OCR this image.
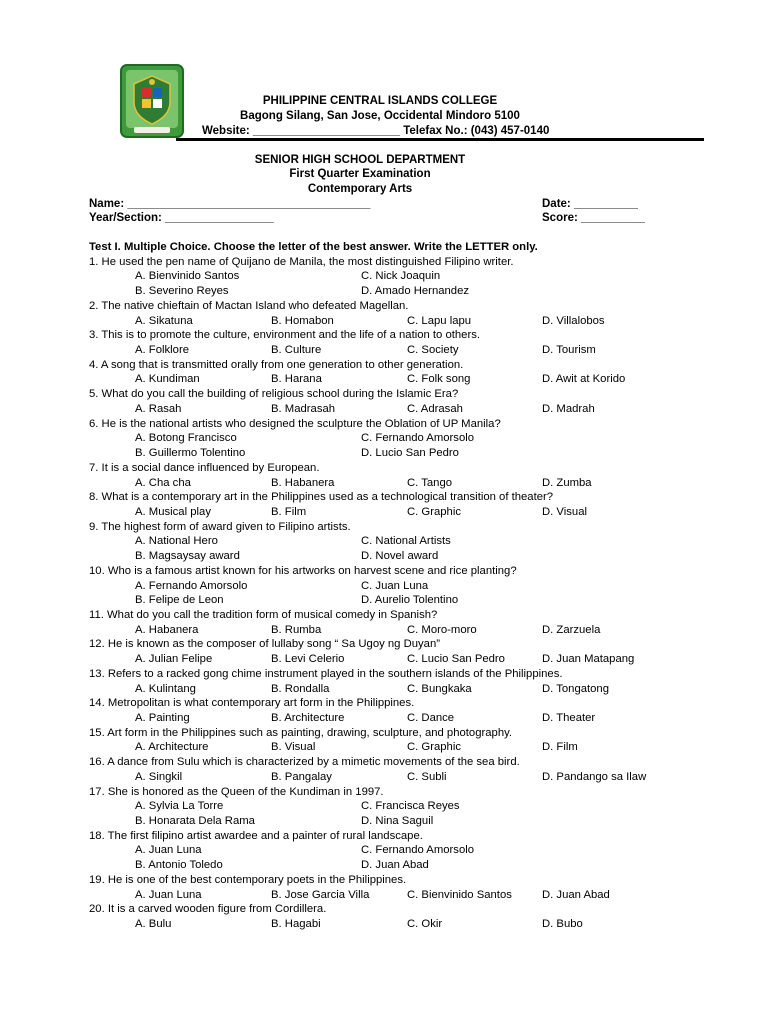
PHILIPPINE CENTRAL ISLANDS COLLEGE
Bagong Silang, San Jose, Occidental Mindoro 5100
Website: _______________________ Telefax No.: (043) 457-0140
SENIOR HIGH SCHOOL DEPARTMENT
First Quarter Examination
Contemporary Arts
Name: ______________________________________	Date: __________
Year/Section: _________________	Score: __________
Test I. Multiple Choice. Choose the letter of the best answer. Write the LETTER only.
1. He used the pen name of Quijano de Manila, the most distinguished Filipino writer.
A. Bienvinido Santos	C. Nick Joaquin
B. Severino Reyes	D. Amado Hernandez
2. The native chieftain of Mactan Island who defeated Magellan.
A. Sikatuna	B. Homabon	C. Lapu lapu	D. Villalobos
3. This is to promote the culture, environment and the life of a nation to others.
A. Folklore	B. Culture	C. Society	D. Tourism
4. A song that is transmitted orally from one generation to other generation.
A. Kundiman	B. Harana	C. Folk song	D. Awit at Korido
5. What do you call the building of religious school during the Islamic Era?
A. Rasah	B. Madrasah	C. Adrasah	D. Madrah
6. He is the national artists who designed the sculpture the Oblation of UP Manila?
A. Botong Francisco	C. Fernando Amorsolo
B. Guillermo Tolentino	D. Lucio San Pedro
7. It is a social dance influenced by European.
A. Cha cha	B. Habanera	C. Tango	D. Zumba
8. What is a contemporary art in the Philippines used as a technological transition of theater?
A. Musical play	B. Film	C. Graphic	D. Visual
9. The highest form of award given to Filipino artists.
A. National Hero	C. National Artists
B. Magsaysay award	D. Novel award
10. Who is a famous artist known for his artworks on harvest scene and rice planting?
A. Fernando Amorsolo	C. Juan Luna
B. Felipe de Leon	D. Aurelio Tolentino
11. What do you call the tradition form of musical comedy in Spanish?
A. Habanera	B. Rumba	C. Moro-moro	D. Zarzuela
12. He is known as the composer of lullaby song “ Sa Ugoy ng Duyan”
A. Julian Felipe	B. Levi Celerio	C. Lucio San Pedro	D. Juan Matapang
13. Refers to a racked gong chime instrument played in the southern islands of the Philippines.
A. Kulintang	B. Rondalla	C. Bungkaka	D. Tongatong
14. Metropolitan is what contemporary art form in the Philippines.
A. Painting	B. Architecture	C. Dance	D. Theater
15. Art form in the Philippines such as painting, drawing, sculpture, and photography.
A. Architecture	B. Visual	C. Graphic	D. Film
16. A dance from Sulu which is characterized by a mimetic movements of the sea bird.
A. Singkil	B. Pangalay	C. Subli	D. Pandango sa Ilaw
17. She is honored as the Queen of the Kundiman in 1997.
A. Sylvia La Torre	C. Francisca Reyes
B. Honarata Dela Rama	D. Nina Saguil
18. The first filipino artist awardee and a painter of rural landscape.
A. Juan Luna	C. Fernando Amorsolo
B. Antonio Toledo	D. Juan Abad
19. He is one of the best contemporary poets in the Philippines.
A. Juan Luna	B. Jose Garcia Villa	C. Bienvinido Santos	D. Juan Abad
20. It is a carved wooden figure from Cordillera.
A. Bulu	B. Hagabi	C. Okir	D. Bubo
